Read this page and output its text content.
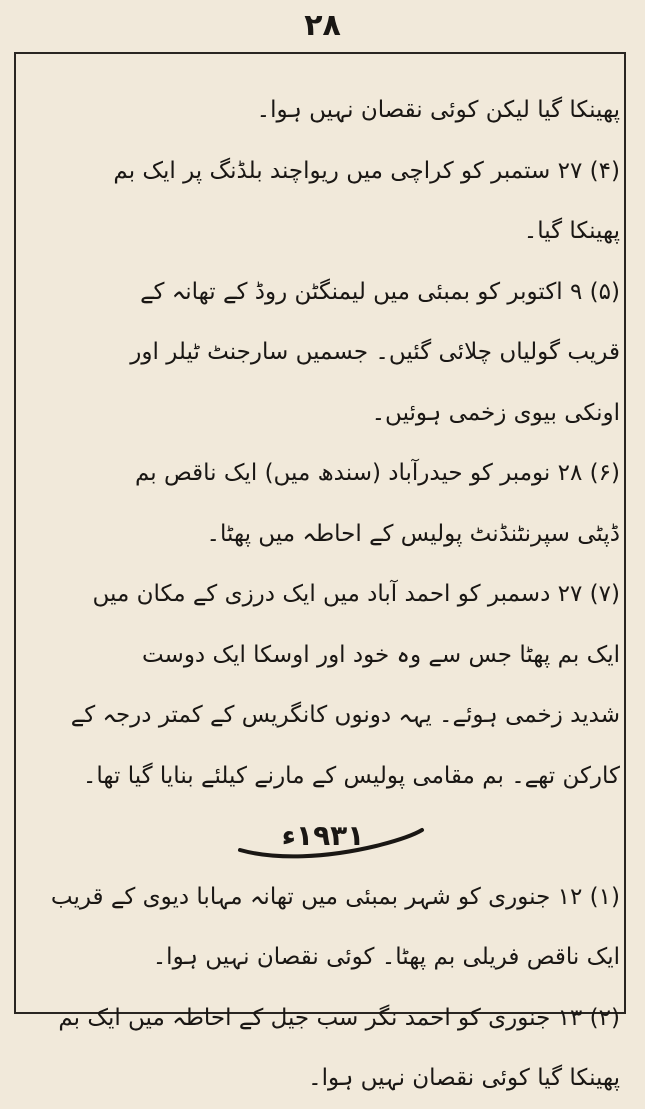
۲۸
پھینکا گیا لیکن کوئی نقصان نہیں ہوا۔
(۴) ۲۷ ستمبر کو کراچی میں ریواچند بلڈنگ پر ایک بم
پھینکا گیا۔
(۵) ۹ اکتوبر کو بمبئی میں لیمنگٹن روڈ کے تھانہ کے
قریب گولیاں چلائی گئیں۔ جسمیں سارجنٹ ٹیلر اور
اونکی بیوی زخمی ہوئیں۔
(۶) ۲۸ نومبر کو حیدرآباد (سندھ میں) ایک ناقص بم
ڈپٹی سپرنٹنڈنٹ پولیس کے احاطہ میں پھٹا۔
(۷) ۲۷ دسمبر کو احمد آباد میں ایک درزی کے مکان میں
ایک بم پھٹا جس سے وہ خود اور اوسکا ایک دوست
شدید زخمی ہوئے۔ یہہ دونوں کانگریس کے کمتر درجہ کے
کارکن تھے۔ بم مقامی پولیس کے مارنے کیلئے بنایا گیا تھا۔
۱۹۳۱ء
(۱) ۱۲ جنوری کو شہر بمبئی میں تھانہ مہابا دیوی کے قریب
ایک ناقص فریلی بم پھٹا۔ کوئی نقصان نہیں ہوا۔
(۲) ۱۳ جنوری کو احمد نگر سب جیل کے احاطہ میں ایک بم
پھینکا گیا کوئی نقصان نہیں ہوا۔
